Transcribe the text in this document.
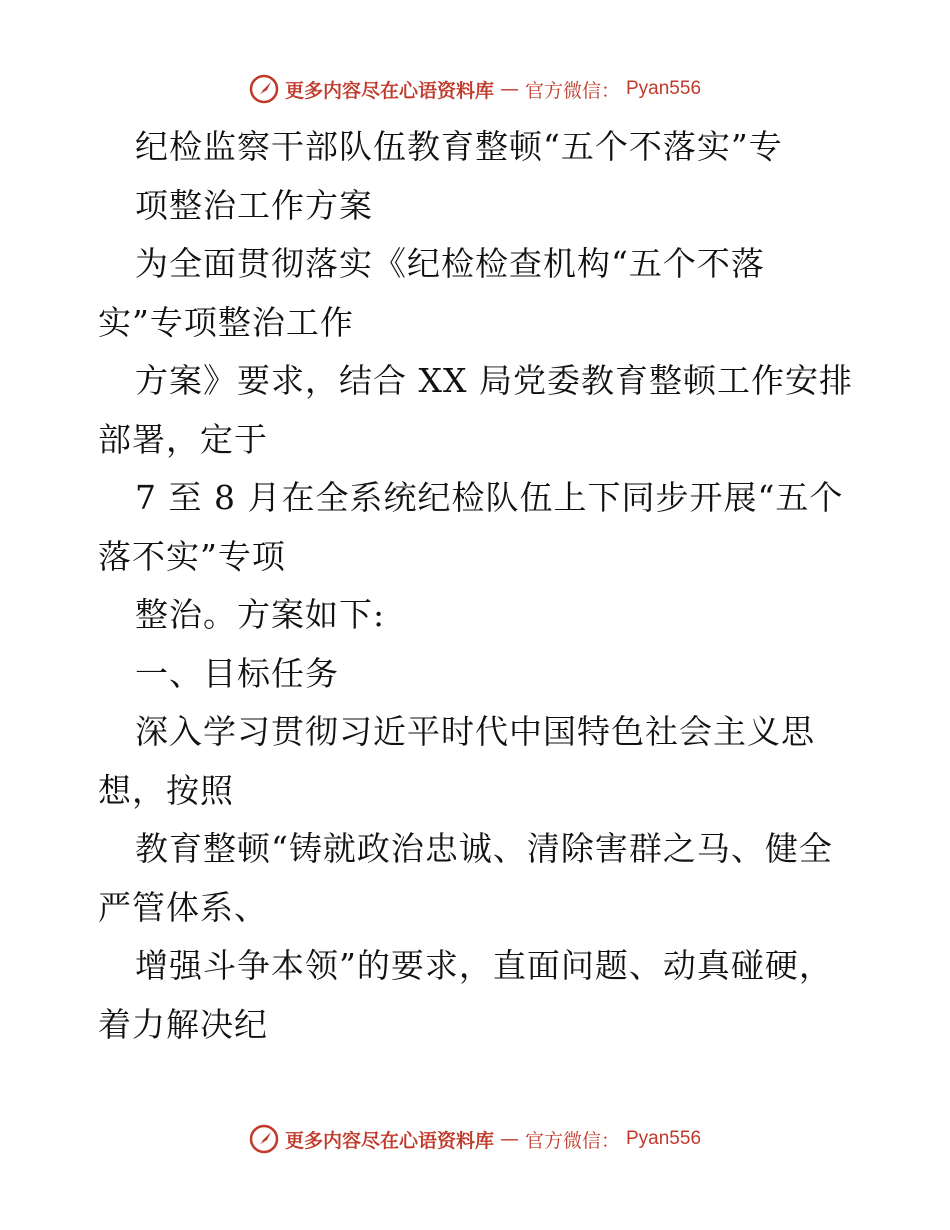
更多内容尽在心语资料库 — 官方微信： Pyan556
纪检监察干部队伍教育整顿“五个不落实”专
项整治工作方案
为全面贯彻落实《纪检检查机构“五个不落
实”专项整治工作
方案》要求，结合 XX 局党委教育整顿工作安排
部署，定于
7 至 8 月在全系统纪检队伍上下同步开展“五个
落不实”专项
整治。方案如下:
一、目标任务
深入学习贯彻习近平时代中国特色社会主义思
想，按照
教育整顿“铸就政治忠诚、清除害群之马、健全
严管体系、
增强斗争本领”的要求，直面问题、动真碰硬，
着力解决纪
更多内容尽在心语资料库 — 官方微信： Pyan556
